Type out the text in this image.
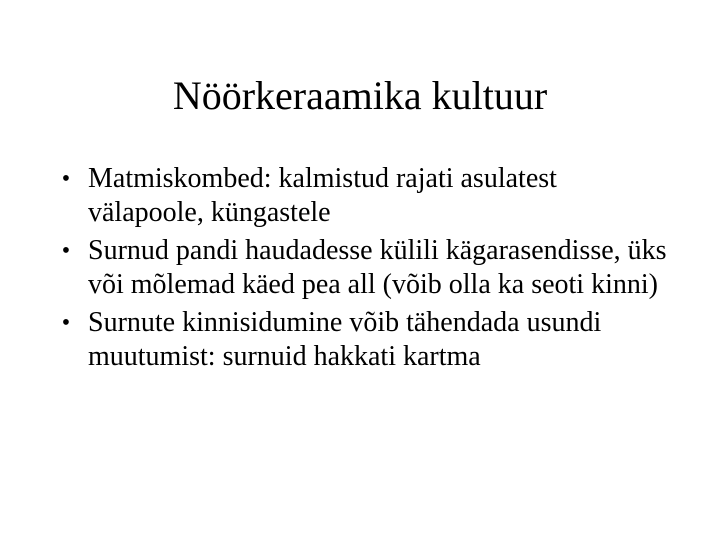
Nöörkeraamika kultuur
• Matmiskombed: kalmistud rajati asulatest välapoole, küngastele
• Surnud pandi haudadesse külili kägarasendisse, üks või mõlemad käed pea all (võib olla ka seoti kinni)
• Surnute kinnisidumine võib tähendada usundi muutumist: surnuid hakkati kartma
